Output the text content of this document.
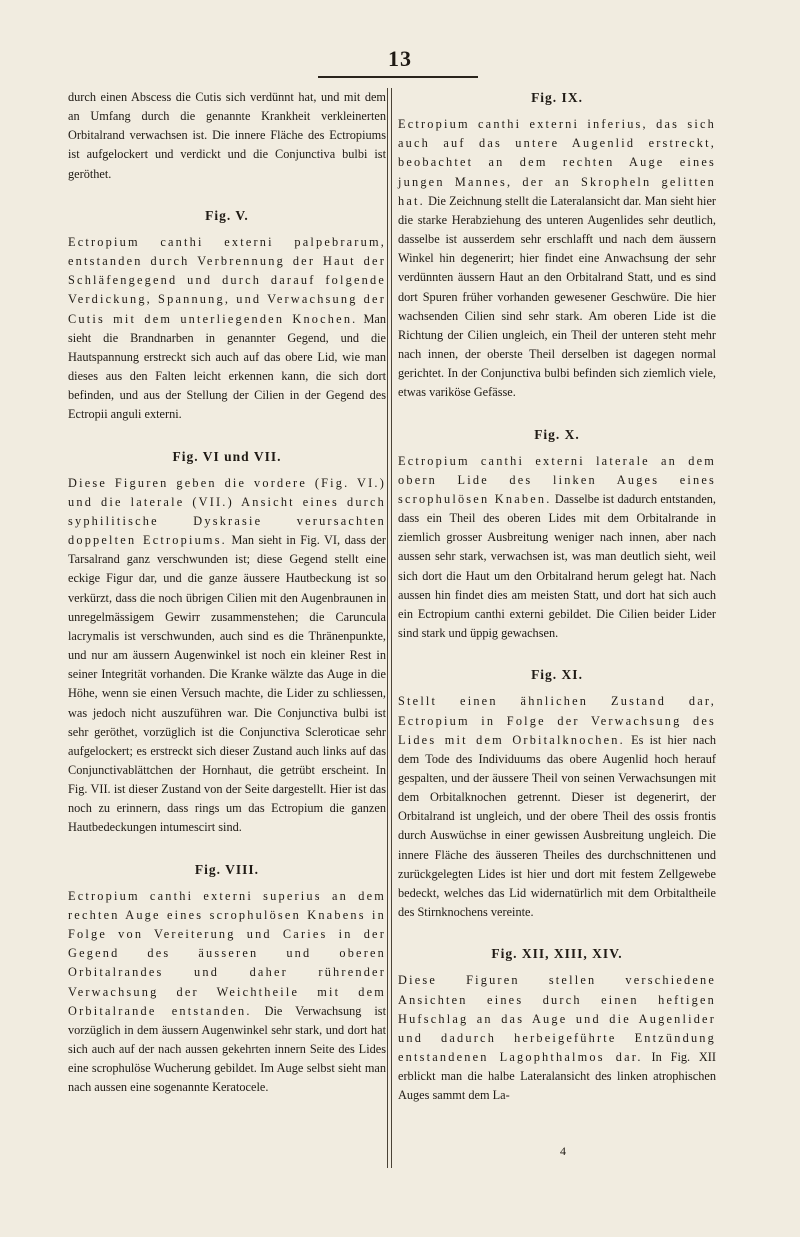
13

durch einen Abscess die Cutis sich verdünnt hat, und mit dem an Umfang durch die genannte Krankheit verkleinerten Orbitalrand verwachsen ist. Die innere Fläche des Ectropiums ist aufgelockert und verdickt und die Conjunctiva bulbi ist geröthet.

Fig. V.

Ectropium canthi externi palpebrarum, entstanden durch Verbrennung der Haut der Schläfengegend und durch darauf folgende Verdickung, Spannung, und Verwachsung der Cutis mit dem unterliegenden Knochen. Man sieht die Brandnarben in genannter Gegend, und die Hautspannung erstreckt sich auch auf das obere Lid, wie man dieses aus den Falten leicht erkennen kann, die sich dort befinden, und aus der Stellung der Cilien in der Gegend des Ectropii anguli externi.

Fig. VI und VII.

Diese Figuren geben die vordere (Fig. VI.) und die laterale (VII.) Ansicht eines durch syphilitische Dyskrasie verursachten doppelten Ectropiums. Man sieht in Fig. VI, dass der Tarsalrand ganz verschwunden ist; diese Gegend stellt eine eckige Figur dar, und die ganze äussere Hautbeckung ist so verkürzt, dass die noch übrigen Cilien mit den Augenbraunen in unregelmässigem Gewirr zusammenstehen; die Caruncula lacrymalis ist verschwunden, auch sind es die Thränenpunkte, und nur am äussern Augenwinkel ist noch ein kleiner Rest in seiner Integrität vorhanden. Die Kranke wälzte das Auge in die Höhe, wenn sie einen Versuch machte, die Lider zu schliessen, was jedoch nicht auszuführen war. Die Conjunctiva bulbi ist sehr geröthet, vorzüglich ist die Conjunctiva Scleroticae sehr aufgelockert; es erstreckt sich dieser Zustand auch links auf das Conjunctivablättchen der Hornhaut, die getrübt erscheint. In Fig. VII. ist dieser Zustand von der Seite dargestellt. Hier ist das noch zu erinnern, dass rings um das Ectropium die ganzen Hautbedeckungen intumescirt sind.

Fig. VIII.

Ectropium canthi externi superius an dem rechten Auge eines scrophulösen Knabens in Folge von Vereiterung und Caries in der Gegend des äusseren und oberen Orbitalrandes und daher rührender Verwachsung der Weichtheile mit dem Orbitalrande entstanden. Die Verwachsung ist vorzüglich in dem äussern Augenwinkel sehr stark, und dort hat sich auch auf der nach aussen gekehrten innern Seite des Lides eine scrophulöse Wucherung gebildet. Im Auge selbst sieht man nach aussen eine sogenannte Keratocele.

Fig. IX.

Ectropium canthi externi inferius, das sich auch auf das untere Augenlid erstreckt, beobachtet an dem rechten Auge eines jungen Mannes, der an Skropheln gelitten hat. Die Zeichnung stellt die Lateralansicht dar. Man sieht hier die starke Herabziehung des unteren Augenlides sehr deutlich, dasselbe ist ausserdem sehr erschlafft und nach dem äussern Winkel hin degenerirt; hier findet eine Anwachsung der sehr verdünnten äussern Haut an den Orbitalrand Statt, und es sind dort Spuren früher vorhanden gewesener Geschwüre. Die hier wachsenden Cilien sind sehr stark. Am oberen Lide ist die Richtung der Cilien ungleich, ein Theil der unteren steht mehr nach innen, der oberste Theil derselben ist dagegen normal gerichtet. In der Conjunctiva bulbi befinden sich ziemlich viele, etwas variköse Gefässe.

Fig. X.

Ectropium canthi externi laterale an dem obern Lide des linken Auges eines scrophulösen Knaben. Dasselbe ist dadurch entstanden, dass ein Theil des oberen Lides mit dem Orbitalrande in ziemlich grosser Ausbreitung weniger nach innen, aber nach aussen sehr stark, verwachsen ist, was man deutlich sieht, weil sich dort die Haut um den Orbitalrand herum gelegt hat. Nach aussen hin findet dies am meisten Statt, und dort hat sich auch ein Ectropium canthi externi gebildet. Die Cilien beider Lider sind stark und üppig gewachsen.

Fig. XI.

Stellt einen ähnlichen Zustand dar, Ectropium in Folge der Verwachsung des Lides mit dem Orbitalknochen. Es ist hier nach dem Tode des Individuums das obere Augenlid hoch herauf gespalten, und der äussere Theil von seinen Verwachsungen mit dem Orbitalknochen getrennt. Dieser ist degenerirt, der Orbitalrand ist ungleich, und der obere Theil des ossis frontis durch Auswüchse in einer gewissen Ausbreitung ungleich. Die innere Fläche des äusseren Theiles des durchschnittenen und zurückgelegten Lides ist hier und dort mit festem Zellgewebe bedeckt, welches das Lid widernatürlich mit dem Orbitaltheile des Stirnknochens vereinte.

Fig. XII, XIII, XIV.

Diese Figuren stellen verschiedene Ansichten eines durch einen heftigen Hufschlag an das Auge und die Augenlider und dadurch herbeigeführte Entzündung entstandenen Lagophthalmos dar. In Fig. XII erblickt man die halbe Lateralansicht des linken atrophischen Auges sammt dem La-

4
